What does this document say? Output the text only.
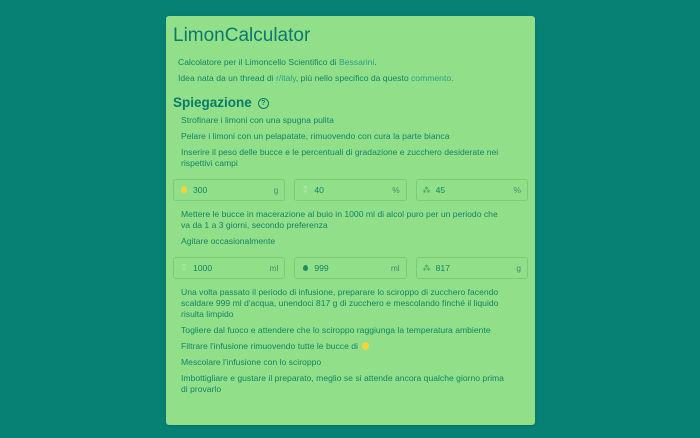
LimonCalculator
Calcolatore per il Limoncello Scientifico di Bessarini.
Idea nata da un thread di r/italy, più nello specifico da questo commento.
Spiegazione	?
Strofinare i limoni con una spugna pulita
Pelare i limoni con un pelapatate, rimuovendo con cura la parte bianca
Inserire il peso delle bucce e le percentuali di gradazione e zucchero desiderate nei rispettivi campi
300	g	⁑ 40	%	⁂ 45	%
Mettere le bucce in macerazione al buio in 1000 ml di alcol puro per un periodo che va da 1 a 3 giorni, secondo preferenza
Agitare occasionalmente
⁑ 1000	ml	999	ml	⁂ 817	g
Una volta passato il periodo di infusione, preparare lo sciroppo di zucchero facendo scaldare 999 ml d'acqua, unendoci 817 g di zucchero e mescolando finché il liquido risulta limpido
Togliere dal fuoco e attendere che lo sciroppo raggiunga la temperatura ambiente
Filtrare l'infusione rimuovendo tutte le bucce di
Mescolare l'infusione con lo sciroppo
Imbottigliare e gustare il preparato, meglio se si attende ancora qualche giorno prima di provarlo
